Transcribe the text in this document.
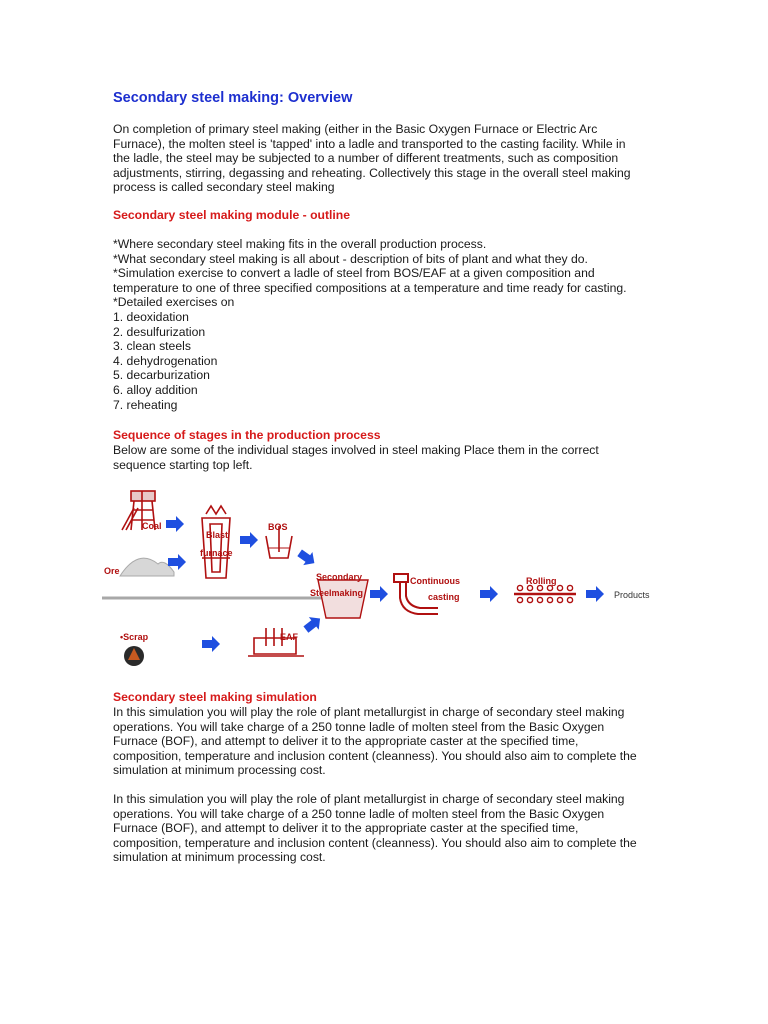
Secondary steel making: Overview
On completion of primary steel making (either in the Basic Oxygen Furnace or Electric Arc
Furnace), the molten steel is 'tapped' into a ladle and transported to the casting facility. While in
the ladle, the steel may be subjected to a number of different treatments, such as composition
adjustments, stirring, degassing and reheating. Collectively this stage in the overall steel making
process is called secondary steel making
Secondary steel making module - outline
*Where secondary steel making fits in the overall production process.
*What secondary steel making is all about - description of bits of plant and what they do.
*Simulation exercise to convert a ladle of steel from BOS/EAF at a given composition and
temperature to one of three specified compositions at a temperature and time ready for casting.
*Detailed exercises on
1. deoxidation
2. desulfurization
3. clean steels
4. dehydrogenation
5. decarburization
6. alloy addition
7. reheating
Sequence of stages in the production process
Below are some of the individual stages involved in steel making Place them in the correct
sequence starting top left.
Coal
Ore
Blast
furnace
BOS
Secondary
Steelmaking
Continuous
casting
Rolling
Products
•Scrap	EAF
Secondary steel making simulation
In this simulation you will play the role of plant metallurgist in charge of secondary steel making
operations. You will take charge of a 250 tonne ladle of molten steel from the Basic Oxygen
Furnace (BOF), and attempt to deliver it to the appropriate caster at the specified time,
composition, temperature and inclusion content (cleanness). You should also aim to complete the
simulation at minimum processing cost.
In this simulation you will play the role of plant metallurgist in charge of secondary steel making
operations. You will take charge of a 250 tonne ladle of molten steel from the Basic Oxygen
Furnace (BOF), and attempt to deliver it to the appropriate caster at the specified time,
composition, temperature and inclusion content (cleanness). You should also aim to complete the
simulation at minimum processing cost.
